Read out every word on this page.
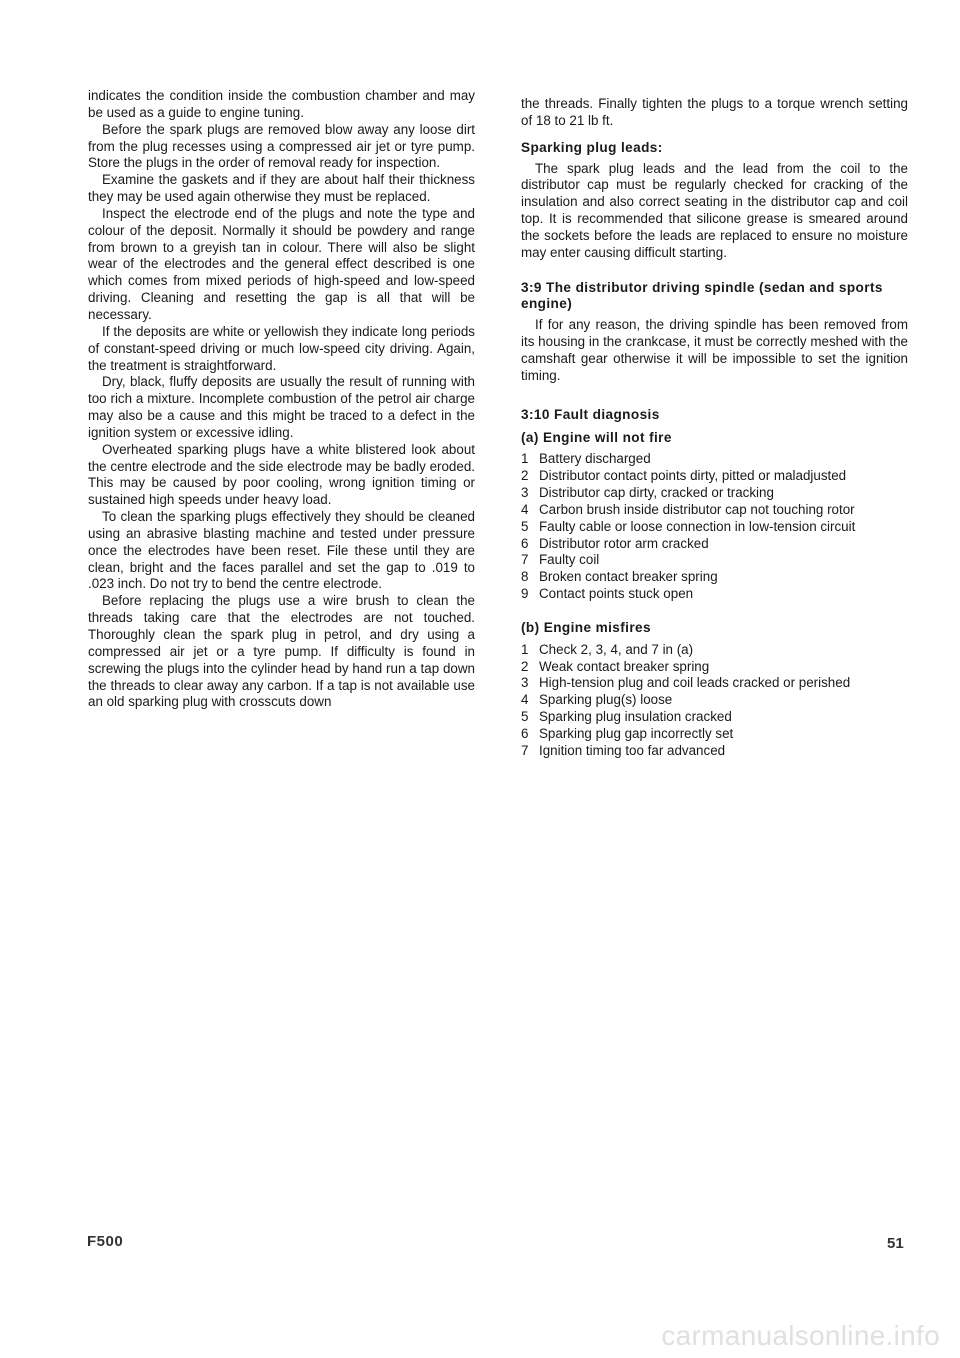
indicates the condition inside the combustion chamber and may be used as a guide to engine tuning.

Before the spark plugs are removed blow away any loose dirt from the plug recesses using a compressed air jet or tyre pump. Store the plugs in the order of removal ready for inspection.

Examine the gaskets and if they are about half their thickness they may be used again otherwise they must be replaced.

Inspect the electrode end of the plugs and note the type and colour of the deposit. Normally it should be powdery and range from brown to a greyish tan in colour. There will also be slight wear of the electrodes and the general effect described is one which comes from mixed periods of high-speed and low-speed driving. Cleaning and resetting the gap is all that will be necessary.

If the deposits are white or yellowish they indicate long periods of constant-speed driving or much low-speed city driving. Again, the treatment is straightforward.

Dry, black, fluffy deposits are usually the result of running with too rich a mixture. Incomplete combustion of the petrol air charge may also be a cause and this might be traced to a defect in the ignition system or excessive idling.

Overheated sparking plugs have a white blistered look about the centre electrode and the side electrode may be badly eroded. This may be caused by poor cooling, wrong ignition timing or sustained high speeds under heavy load.

To clean the sparking plugs effectively they should be cleaned using an abrasive blasting machine and tested under pressure once the electrodes have been reset. File these until they are clean, bright and the faces parallel and set the gap to .019 to .023 inch. Do not try to bend the centre electrode.

Before replacing the plugs use a wire brush to clean the threads taking care that the electrodes are not touched. Thoroughly clean the spark plug in petrol, and dry using a compressed air jet or a tyre pump. If difficulty is found in screwing the plugs into the cylinder head by hand run a tap down the threads to clear away any carbon. If a tap is not available use an old sparking plug with crosscuts down

the threads. Finally tighten the plugs to a torque wrench setting of 18 to 21 lb ft.

Sparking plug leads:

The spark plug leads and the lead from the coil to the distributor cap must be regularly checked for cracking of the insulation and also correct seating in the distributor cap and coil top. It is recommended that silicone grease is smeared around the sockets before the leads are replaced to ensure no moisture may enter causing difficult starting.

3:9 The distributor driving spindle (sedan and sports engine)

If for any reason, the driving spindle has been removed from its housing in the crankcase, it must be correctly meshed with the camshaft gear otherwise it will be impossible to set the ignition timing.

3:10 Fault diagnosis
(a) Engine will not fire
1 Battery discharged
2 Distributor contact points dirty, pitted or maladjusted
3 Distributor cap dirty, cracked or tracking
4 Carbon brush inside distributor cap not touching rotor
5 Faulty cable or loose connection in low-tension circuit
6 Distributor rotor arm cracked
7 Faulty coil
8 Broken contact breaker spring
9 Contact points stuck open
(b) Engine misfires
1 Check 2, 3, 4, and 7 in (a)
2 Weak contact breaker spring
3 High-tension plug and coil leads cracked or perished
4 Sparking plug(s) loose
5 Sparking plug insulation cracked
6 Sparking plug gap incorrectly set
7 Ignition timing too far advanced
F500	51
carmanualsonline.info
